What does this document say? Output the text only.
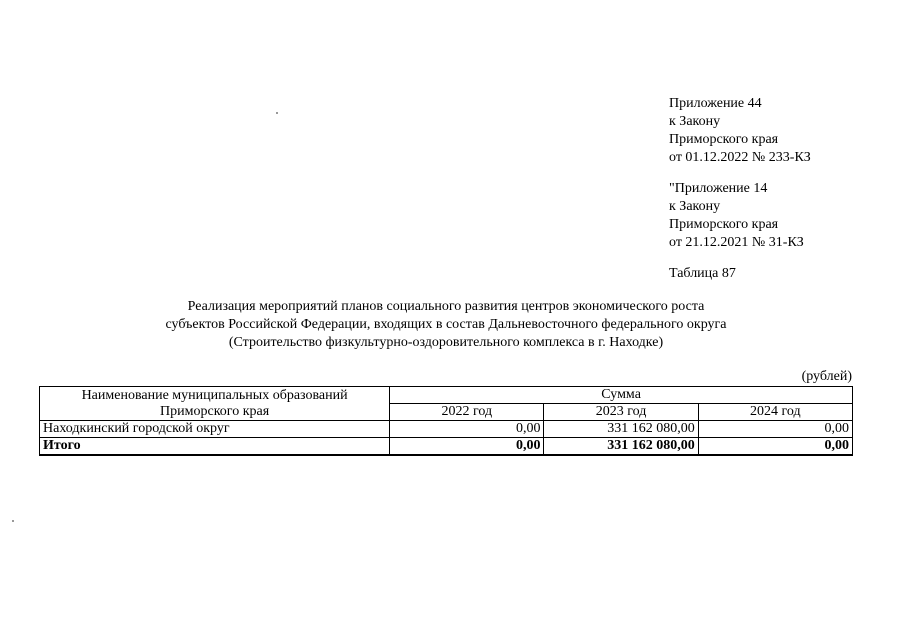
Приложение 44
к Закону
Приморского края
от 01.12.2022 № 233-КЗ
"Приложение 14
к Закону
Приморского края
от 21.12.2021 № 31-КЗ
Таблица 87
Реализация мероприятий планов социального развития центров экономического роста
субъектов Российской Федерации, входящих в состав Дальневосточного федерального округа
(Строительство физкультурно-оздоровительного комплекса в г. Находке)
(рублей)
Наименование муниципальных образований
Приморского края	Сумма		
	2022 год	2023 год	2024 год
Находкинский городской округ	0,00	331 162 080,00	0,00
Итого	0,00	331 162 080,00	0,00
